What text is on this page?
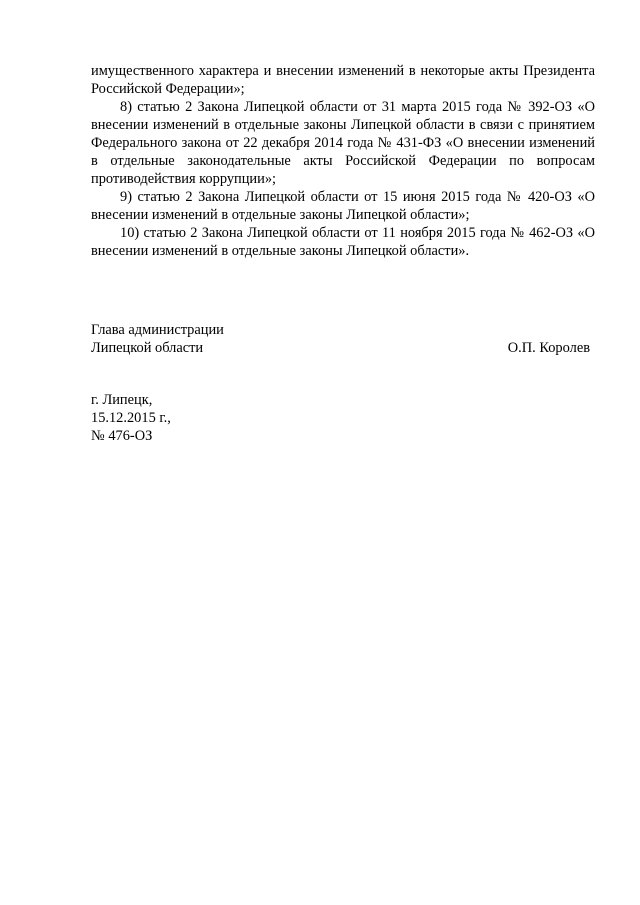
имущественного характера и внесении изменений в некоторые акты Президента Российской Федерации»;

8) статью 2 Закона Липецкой области от 31 марта 2015 года № 392-ОЗ «О внесении изменений в отдельные законы Липецкой области в связи с принятием Федерального закона от 22 декабря 2014 года № 431-ФЗ «О внесении изменений в отдельные законодательные акты Российской Федерации по вопросам противодействия коррупции»;

9) статью 2 Закона Липецкой области от 15 июня 2015 года № 420-ОЗ «О внесении изменений в отдельные законы Липецкой области»;

10) статью 2 Закона Липецкой области от 11 ноября 2015 года № 462-ОЗ «О внесении изменений в отдельные законы Липецкой области».

Глава администрации
Липецкой области	О.П. Королев
г. Липецк,
15.12.2015 г.,
№ 476-ОЗ
